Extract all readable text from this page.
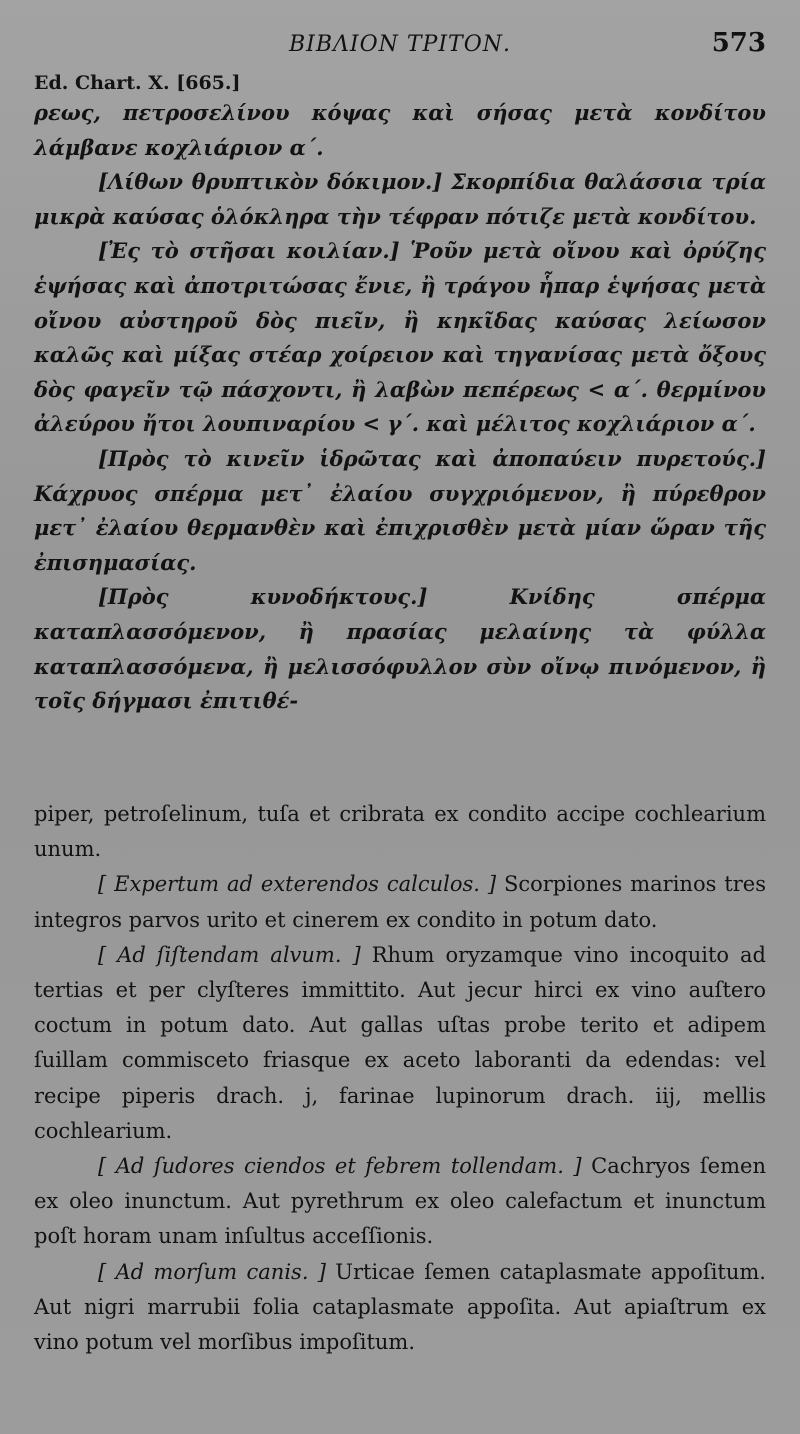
ΒΙΒΛΙΟΝ ΤΡΙΤΟΝ.	573
Ed. Chart. X. [665.]

ρεως, πετροσελίνου κόψας καὶ σήσας μετὰ κονδίτου λάμβανε κοχλιάριον α΄.

[Λίθων θρυπτικὸν δόκιμον.] Σκορπίδια θαλάσσια τρία μικρὰ καύσας ὁλόκληρα τὴν τέφραν πότιζε μετὰ κονδίτου.

[Ἐς τὸ στῆσαι κοιλίαν.] Ῥοῦν μετὰ οἴνου καὶ ὀρύζης ἑψήσας καὶ ἀποτριτώσας ἔνιε, ἢ τράγου ἧπαρ ἑψήσας μετὰ οἴνου αὐστηροῦ δὸς πιεῖν, ἢ κηκῖδας καύσας λείωσον καλῶς καὶ μίξας στέαρ χοίρειον καὶ τηγανίσας μετὰ ὄξους δὸς φαγεῖν τῷ πάσχοντι, ἢ λαβὼν πεπέρεως < α΄. θερμίνου ἀλεύρου ἤτοι λουπιναρίου < γ΄. καὶ μέλιτος κοχλιάριον α΄.

[Πρὸς τὸ κινεῖν ἱδρῶτας καὶ ἀποπαύειν πυρετούς.] Κάχρυος σπέρμα μετ᾽ ἐλαίου συγχριόμενον, ἢ πύρεθρον μετ᾽ ἐλαίου θερμανθὲν καὶ ἐπιχρισθὲν μετὰ μίαν ὥραν τῆς ἐπισημασίας.

[Πρὸς κυνοδήκτους.] Κνίδης σπέρμα καταπλασσόμενον, ἢ πρασίας μελαίνης τὰ φύλλα καταπλασσόμενα, ἢ μελισσόφυλλον σὺν οἴνῳ πινόμενον, ἢ τοῖς δήγμασι ἐπιτιθέ-

piper, petroſelinum, tuſa et cribrata ex condito accipe cochlearium unum.

[ Expertum ad exterendos calculos. ] Scorpiones marinos tres integros parvos urito et cinerem ex condito in potum dato.

[ Ad ſiſtendam alvum. ] Rhum oryzamque vino incoquito ad tertias et per clyſteres immittito. Aut jecur hirci ex vino auſtero coctum in potum dato. Aut gallas uſtas probe terito et adipem ſuillam commisceto friasque ex aceto laboranti da edendas: vel recipe piperis drach. j, farinae lupinorum drach. iij, mellis cochlearium.

[ Ad ſudores ciendos et febrem tollendam. ] Cachryos ſemen ex oleo inunctum. Aut pyrethrum ex oleo calefactum et inunctum poſt horam unam inſultus acceſſionis.

[ Ad morſum canis. ] Urticae ſemen cataplasmate appoſitum. Aut nigri marrubii folia cataplasmate appoſita. Aut apiaſtrum ex vino potum vel morſibus impoſitum.
